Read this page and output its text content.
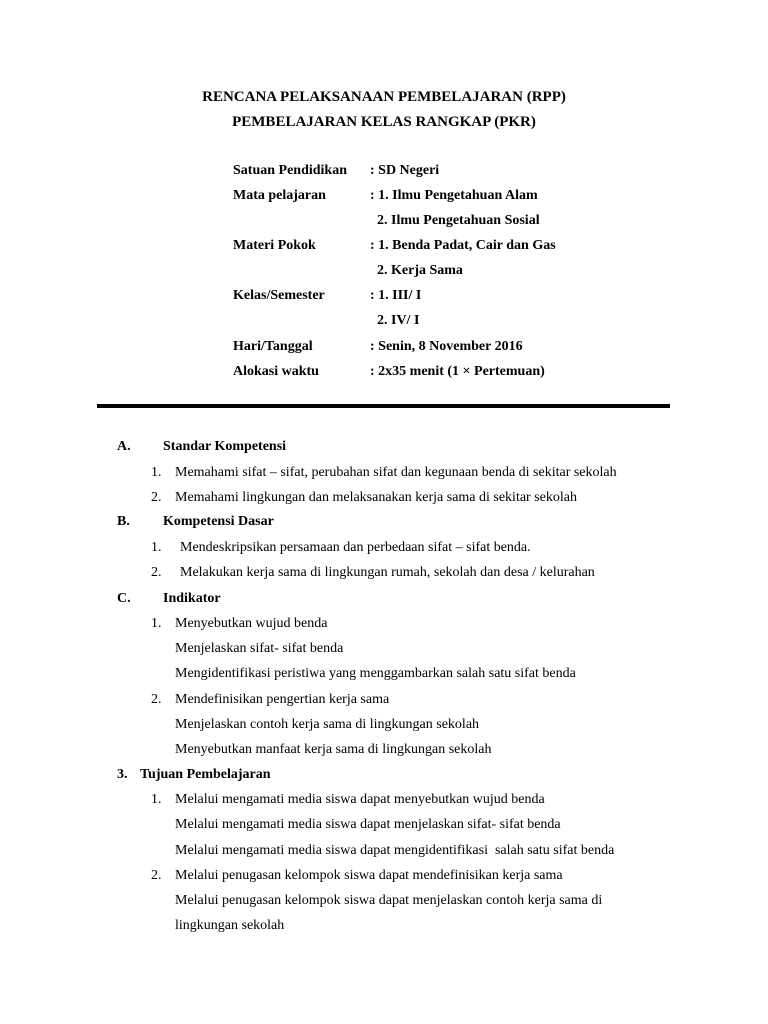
RENCANA PELAKSANAAN PEMBELAJARAN (RPP)
PEMBELAJARAN KELAS RANGKAP (PKR)
Satuan Pendidikan : SD Negeri
Mata pelajaran	: 1. Ilmu Pengetahuan Alam
2. Ilmu Pengetahuan Sosial
Materi Pokok	: 1. Benda Padat, Cair dan Gas
2. Kerja Sama
Kelas/Semester	: 1. III/ I
2. IV/ I
Hari/Tanggal	: Senin, 8 November 2016
Alokasi waktu	: 2x35 menit (1 × Pertemuan)
A. Standar Kompetensi
1. Memahami sifat – sifat, perubahan sifat dan kegunaan benda di sekitar sekolah
2. Memahami lingkungan dan melaksanakan kerja sama di sekitar sekolah
B. Kompetensi Dasar
1. Mendeskripsikan persamaan dan perbedaan sifat – sifat benda.
2. Melakukan kerja sama di lingkungan rumah, sekolah dan desa / kelurahan
C. Indikator
1. Menyebutkan wujud benda
Menjelaskan sifat- sifat benda
Mengidentifikasi peristiwa yang menggambarkan salah satu sifat benda
2. Mendefinisikan pengertian kerja sama
Menjelaskan contoh kerja sama di lingkungan sekolah
Menyebutkan manfaat kerja sama di lingkungan sekolah
3. Tujuan Pembelajaran
1. Melalui mengamati media siswa dapat menyebutkan wujud benda
Melalui mengamati media siswa dapat menjelaskan sifat- sifat benda
Melalui mengamati media siswa dapat mengidentifikasi  salah satu sifat benda
2. Melalui penugasan kelompok siswa dapat mendefinisikan kerja sama
Melalui penugasan kelompok siswa dapat menjelaskan contoh kerja sama di
lingkungan sekolah
